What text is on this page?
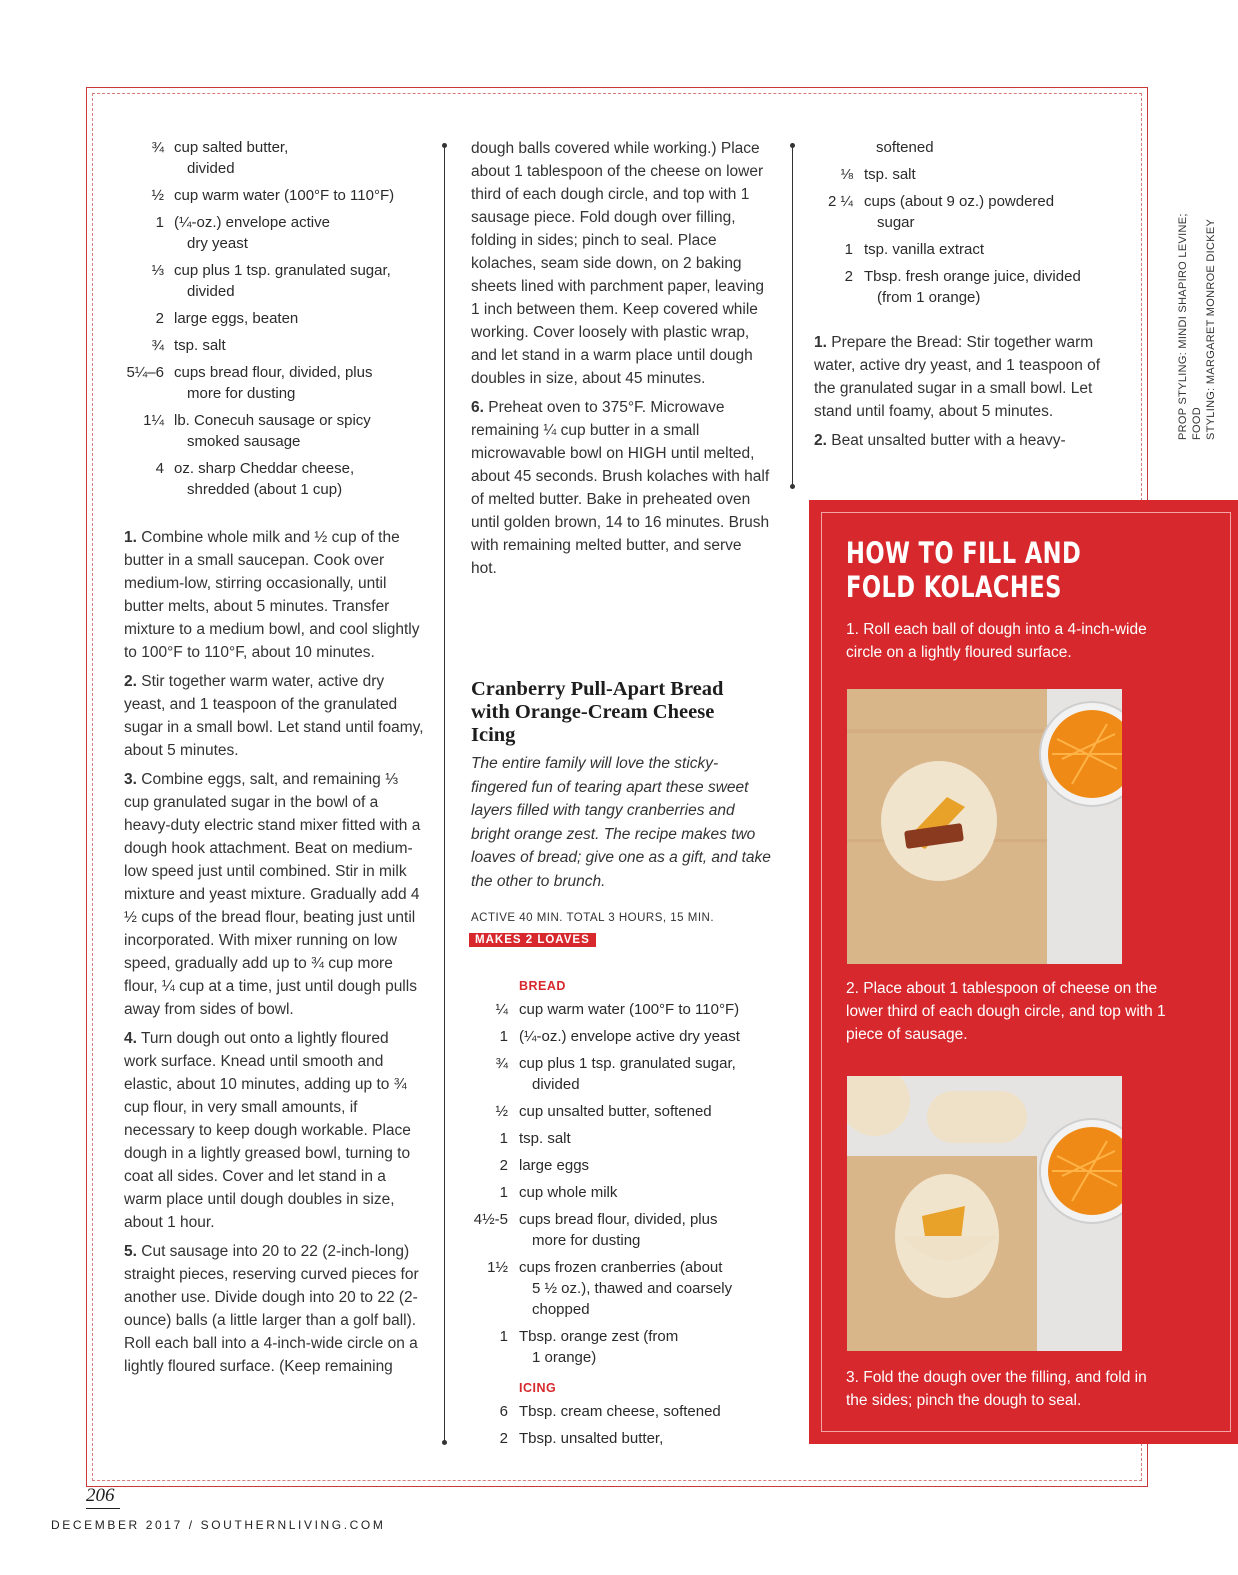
¾ cup salted butter,
divided
½ cup warm water (100°F to 110°F)
1 (¼-oz.) envelope active
dry yeast
⅓ cup plus 1 tsp. granulated sugar,
divided
2 large eggs, beaten
¾ tsp. salt
5¼–6 cups bread flour, divided, plus
more for dusting
1¼ lb. Conecuh sausage or spicy
smoked sausage
4 oz. sharp Cheddar cheese,
shredded (about 1 cup)

1. Combine whole milk and ½ cup of the butter in a small saucepan. Cook over medium-low, stirring occasionally, until butter melts, about 5 minutes. Transfer mixture to a medium bowl, and cool slightly to 100°F to 110°F, about 10 minutes.

2. Stir together warm water, active dry yeast, and 1 teaspoon of the granulated sugar in a small bowl. Let stand until foamy, about 5 minutes.

3. Combine eggs, salt, and remaining ⅓ cup granulated sugar in the bowl of a heavy-duty electric stand mixer fitted with a dough hook attachment. Beat on medium-low speed just until combined. Stir in milk mixture and yeast mixture. Gradually add 4 ½ cups of the bread flour, beating just until incorporated. With mixer running on low speed, gradually add up to ¾ cup more flour, ¼ cup at a time, just until dough pulls away from sides of bowl.

4. Turn dough out onto a lightly floured work surface. Knead until smooth and elastic, about 10 minutes, adding up to ¾ cup flour, in very small amounts, if necessary to keep dough workable. Place dough in a lightly greased bowl, turning to coat all sides. Cover and let stand in a warm place until dough doubles in size, about 1 hour.

5. Cut sausage into 20 to 22 (2-inch-long) straight pieces, reserving curved pieces for another use. Divide dough into 20 to 22 (2-ounce) balls (a little larger than a golf ball). Roll each ball into a 4-inch-wide circle on a lightly floured surface. (Keep remaining

dough balls covered while working.) Place about 1 tablespoon of the cheese on lower third of each dough circle, and top with 1 sausage piece. Fold dough over filling, folding in sides; pinch to seal. Place kolaches, seam side down, on 2 baking sheets lined with parchment paper, leaving 1 inch between them. Keep covered while working. Cover loosely with plastic wrap, and let stand in a warm place until dough doubles in size, about 45 minutes.

6. Preheat oven to 375°F. Microwave remaining ¼ cup butter in a small microwavable bowl on HIGH until melted, about 45 seconds. Brush kolaches with half of melted butter. Bake in preheated oven until golden brown, 14 to 16 minutes. Brush with remaining melted butter, and serve hot.

Cranberry Pull-Apart Bread with Orange-Cream Cheese Icing

The entire family will love the sticky-fingered fun of tearing apart these sweet layers filled with tangy cranberries and bright orange zest. The recipe makes two loaves of bread; give one as a gift, and take the other to brunch.

ACTIVE 40 MIN. TOTAL 3 HOURS, 15 MIN.
MAKES 2 LOAVES
BREAD
¼ cup warm water (100°F to 110°F)
1 (¼-oz.) envelope active dry yeast
¾ cup plus 1 tsp. granulated sugar,
divided
½ cup unsalted butter, softened
1 tsp. salt
2 large eggs
1 cup whole milk
4½-5 cups bread flour, divided, plus
more for dusting
1½ cups frozen cranberries (about
5 ½ oz.), thawed and coarsely
chopped
1 Tbsp. orange zest (from
1 orange)
ICING
6 Tbsp. cream cheese, softened
2 Tbsp. unsalted butter,
softened
⅛ tsp. salt
2 ¼ cups (about 9 oz.) powdered
sugar
1 tsp. vanilla extract
2 Tbsp. fresh orange juice, divided
(from 1 orange)

1. Prepare the Bread: Stir together warm water, active dry yeast, and 1 teaspoon of the granulated sugar in a small bowl. Let stand until foamy, about 5 minutes.

2. Beat unsalted butter with a heavy-

PROP STYLING: MINDI SHAPIRO LEVINE; FOOD STYLING: MARGARET MONROE DICKEY
HOW TO FILL AND
FOLD KOLACHES

1. Roll each ball of dough into a 4-inch-wide circle on a lightly floured surface.

2. Place about 1 tablespoon of cheese on the lower third of each dough circle, and top with 1 piece of sausage.

3. Fold the dough over the filling, and fold in the sides; pinch the dough to seal.

206
DECEMBER 2017 / SOUTHERNLIVING.COM
